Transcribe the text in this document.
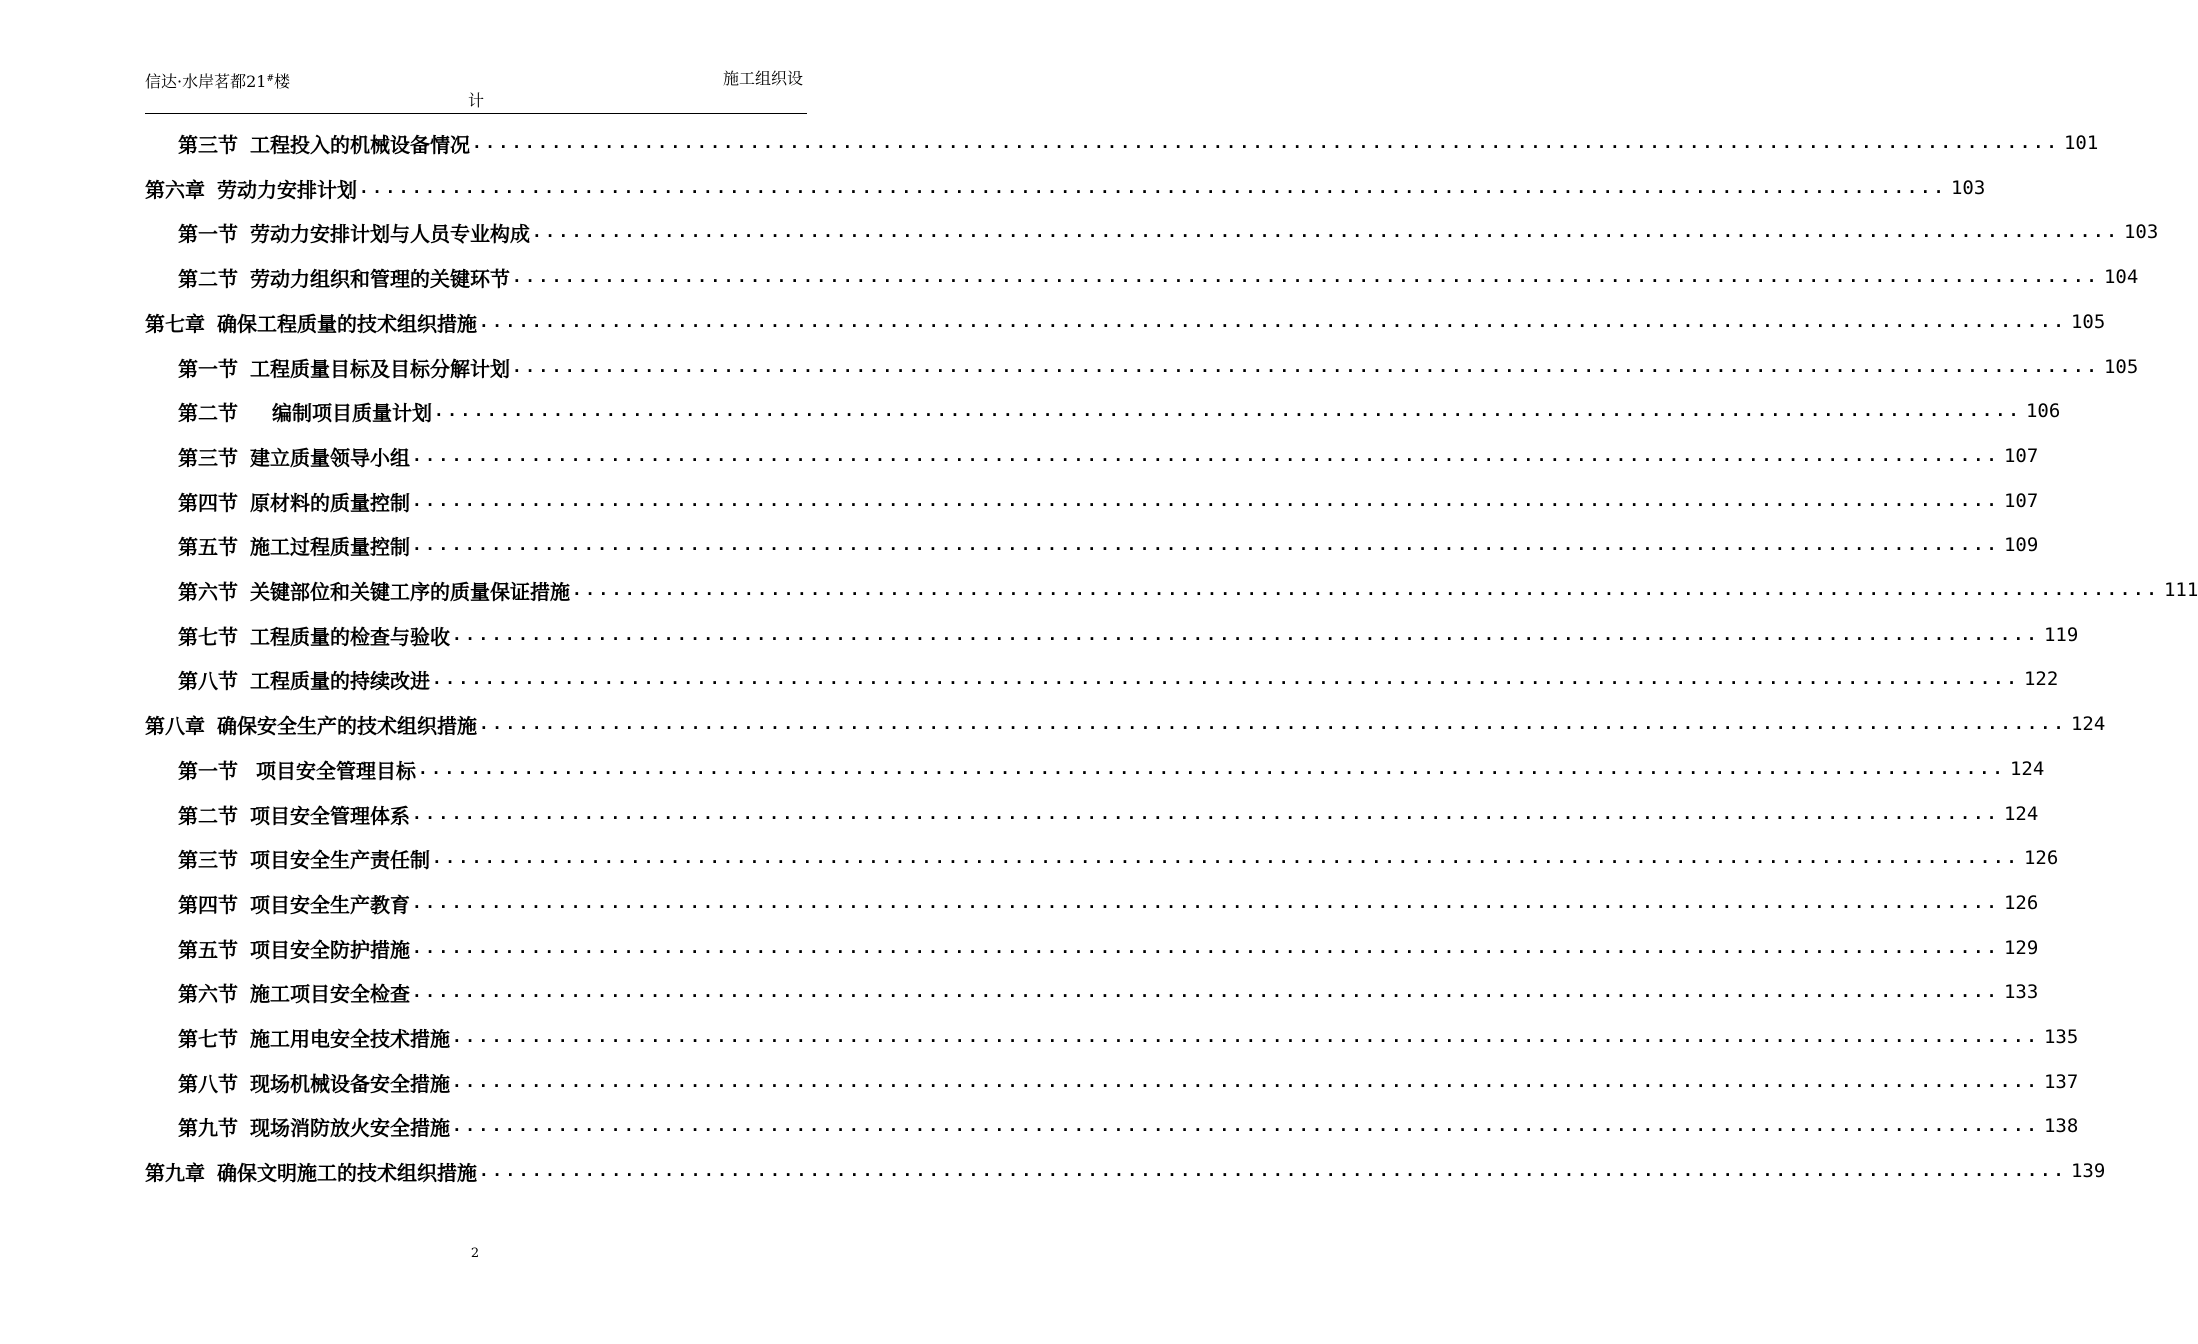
信达·水岸茗都21#楼	施工组织设
计
第三节 工程投入的机械设备情况 ........................................................................................................................ 101
第六章 劳动力安排计划 ........................................................................................................................ 103
第一节 劳动力安排计划与人员专业构成 ........................................................................................................................ 103
第二节 劳动力组织和管理的关键环节 ........................................................................................................................ 104
第七章 确保工程质量的技术组织措施 ........................................................................................................................ 105
第一节 工程质量目标及目标分解计划 ........................................................................................................................ 105
第二节 编制项目质量计划 ........................................................................................................................ 106
第三节 建立质量领导小组 ........................................................................................................................ 107
第四节 原材料的质量控制 ........................................................................................................................ 107
第五节 施工过程质量控制 ........................................................................................................................ 109
第六节 关键部位和关键工序的质量保证措施 ........................................................................................................................ 111
第七节 工程质量的检查与验收 ........................................................................................................................ 119
第八节 工程质量的持续改进 ........................................................................................................................ 122
第八章 确保安全生产的技术组织措施 ........................................................................................................................ 124
第一节 项目安全管理目标 ........................................................................................................................ 124
第二节 项目安全管理体系 ........................................................................................................................ 124
第三节 项目安全生产责任制 ........................................................................................................................ 126
第四节 项目安全生产教育 ........................................................................................................................ 126
第五节 项目安全防护措施 ........................................................................................................................ 129
第六节 施工项目安全检查 ........................................................................................................................ 133
第七节 施工用电安全技术措施 ........................................................................................................................ 135
第八节 现场机械设备安全措施 ........................................................................................................................ 137
第九节 现场消防放火安全措施 ........................................................................................................................ 138
第九章 确保文明施工的技术组织措施 ........................................................................................................................ 139
2
